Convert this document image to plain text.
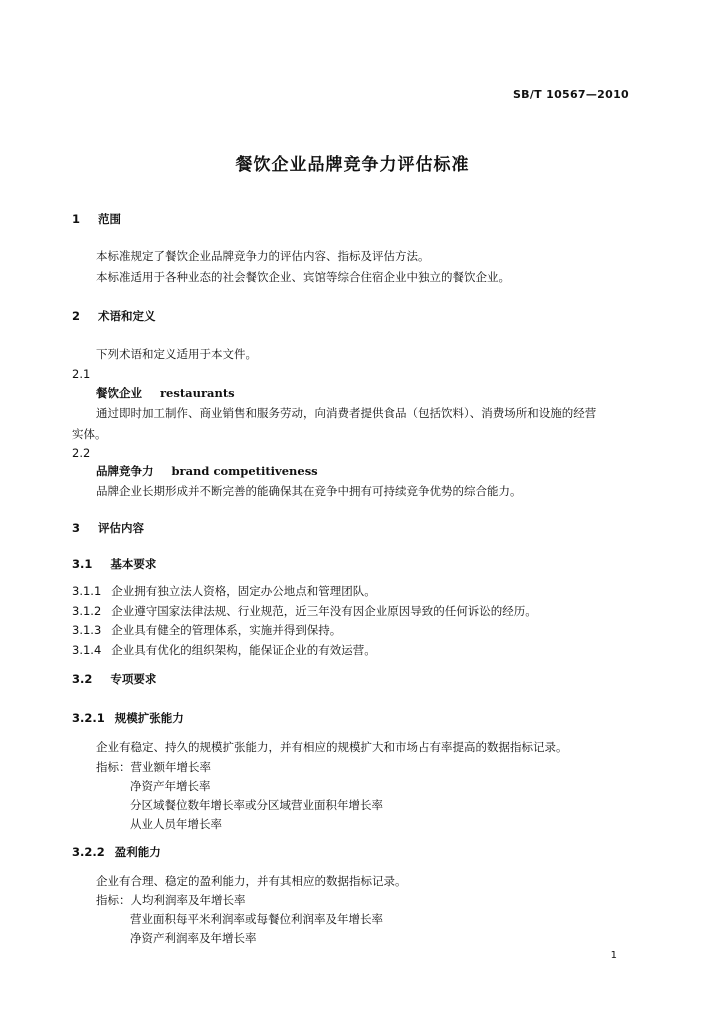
SB/T 10567—2010
餐饮企业品牌竞争力评估标准
1 范围
本标准规定了餐饮企业品牌竞争力的评估内容、指标及评估方法。
本标准适用于各种业态的社会餐饮企业、宾馆等综合住宿企业中独立的餐饮企业。
2 术语和定义
下列术语和定义适用于本文件。
2.1
餐饮企业 restaurants
通过即时加工制作、商业销售和服务劳动，向消费者提供食品（包括饮料）、消费场所和设施的经营
实体。
2.2
品牌竞争力 brand competitiveness
品牌企业长期形成并不断完善的能确保其在竞争中拥有可持续竞争优势的综合能力。
3 评估内容
3.1 基本要求
3.1.1 企业拥有独立法人资格，固定办公地点和管理团队。
3.1.2 企业遵守国家法律法规、行业规范，近三年没有因企业原因导致的任何诉讼的经历。
3.1.3 企业具有健全的管理体系，实施并得到保持。
3.1.4 企业具有优化的组织架构，能保证企业的有效运营。
3.2 专项要求
3.2.1 规模扩张能力
企业有稳定、持久的规模扩张能力，并有相应的规模扩大和市场占有率提高的数据指标记录。
指标：营业额年增长率
净资产年增长率
分区域餐位数年增长率或分区域营业面积年增长率
从业人员年增长率
3.2.2 盈利能力
企业有合理、稳定的盈利能力，并有其相应的数据指标记录。
指标：人均利润率及年增长率
营业面积每平米利润率或每餐位利润率及年增长率
净资产利润率及年增长率
1
